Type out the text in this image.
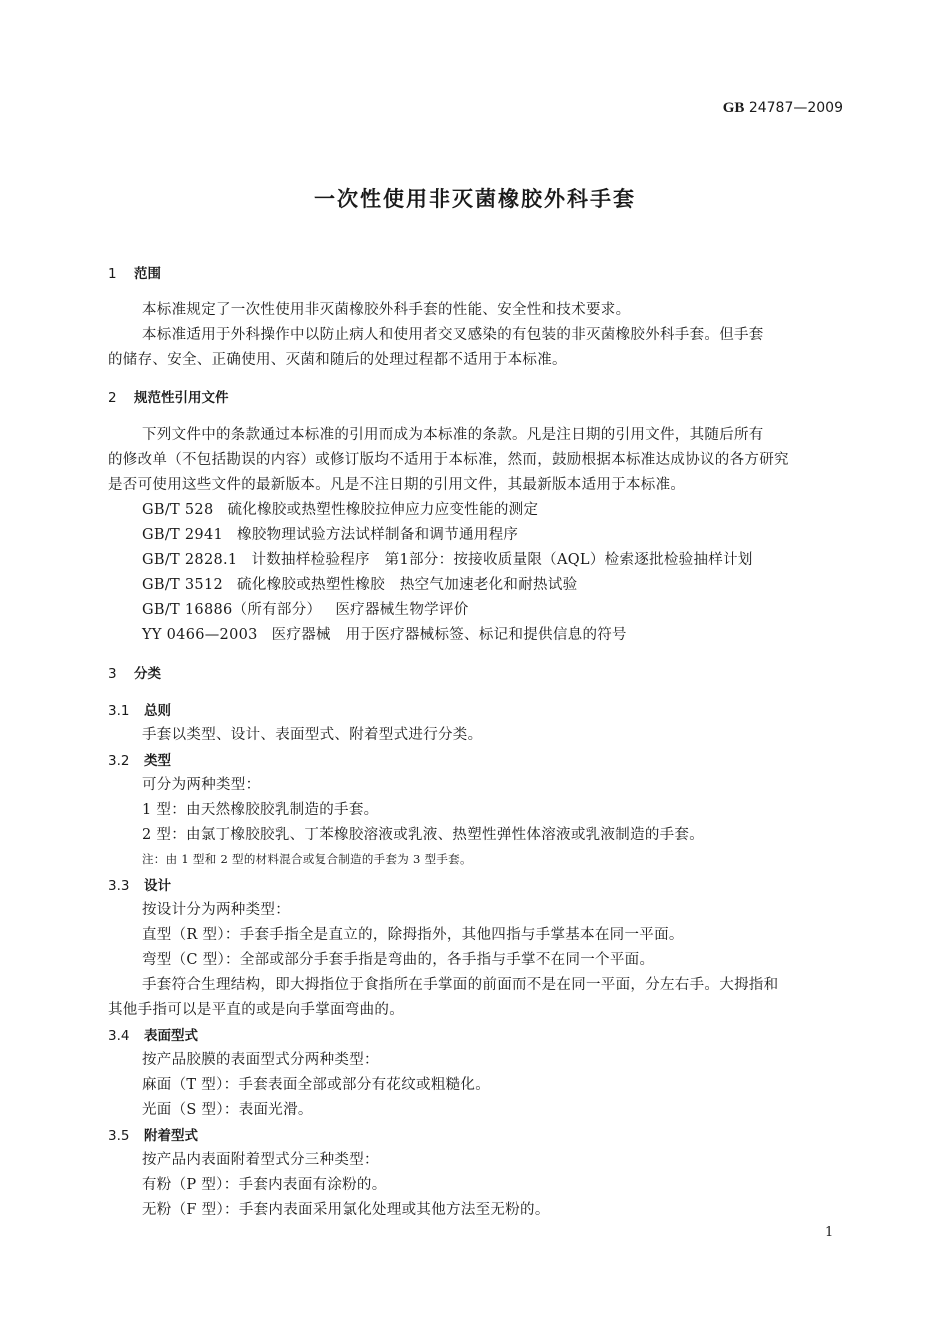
GB 24787—2009
一次性使用非灭菌橡胶外科手套
1 范围
本标准规定了一次性使用非灭菌橡胶外科手套的性能、安全性和技术要求。
本标准适用于外科操作中以防止病人和使用者交叉感染的有包装的非灭菌橡胶外科手套。但手套
的储存、安全、正确使用、灭菌和随后的处理过程都不适用于本标准。
2 规范性引用文件
下列文件中的条款通过本标准的引用而成为本标准的条款。凡是注日期的引用文件，其随后所有
的修改单（不包括勘误的内容）或修订版均不适用于本标准，然而，鼓励根据本标准达成协议的各方研究
是否可使用这些文件的最新版本。凡是不注日期的引用文件，其最新版本适用于本标准。
GB/T 528 硫化橡胶或热塑性橡胶拉伸应力应变性能的测定
GB/T 2941 橡胶物理试验方法试样制备和调节通用程序
GB/T 2828.1 计数抽样检验程序　第1部分：按接收质量限（AQL）检索逐批检验抽样计划
GB/T 3512 硫化橡胶或热塑性橡胶　热空气加速老化和耐热试验
GB/T 16886（所有部分） 医疗器械生物学评价
YY 0466—2003 医疗器械　用于医疗器械标签、标记和提供信息的符号
3 分类
3.1 总则
手套以类型、设计、表面型式、附着型式进行分类。
3.2 类型
可分为两种类型：
1 型：由天然橡胶胶乳制造的手套。
2 型：由氯丁橡胶胶乳、丁苯橡胶溶液或乳液、热塑性弹性体溶液或乳液制造的手套。
注：由 1 型和 2 型的材料混合或复合制造的手套为 3 型手套。
3.3 设计
按设计分为两种类型：
直型（R 型）：手套手指全是直立的，除拇指外，其他四指与手掌基本在同一平面。
弯型（C 型）：全部或部分手套手指是弯曲的，各手指与手掌不在同一个平面。
手套符合生理结构，即大拇指位于食指所在手掌面的前面而不是在同一平面，分左右手。大拇指和
其他手指可以是平直的或是向手掌面弯曲的。
3.4 表面型式
按产品胶膜的表面型式分两种类型：
麻面（T 型）：手套表面全部或部分有花纹或粗糙化。
光面（S 型）：表面光滑。
3.5 附着型式
按产品内表面附着型式分三种类型：
有粉（P 型）：手套内表面有涂粉的。
无粉（F 型）：手套内表面采用氯化处理或其他方法至无粉的。
1
